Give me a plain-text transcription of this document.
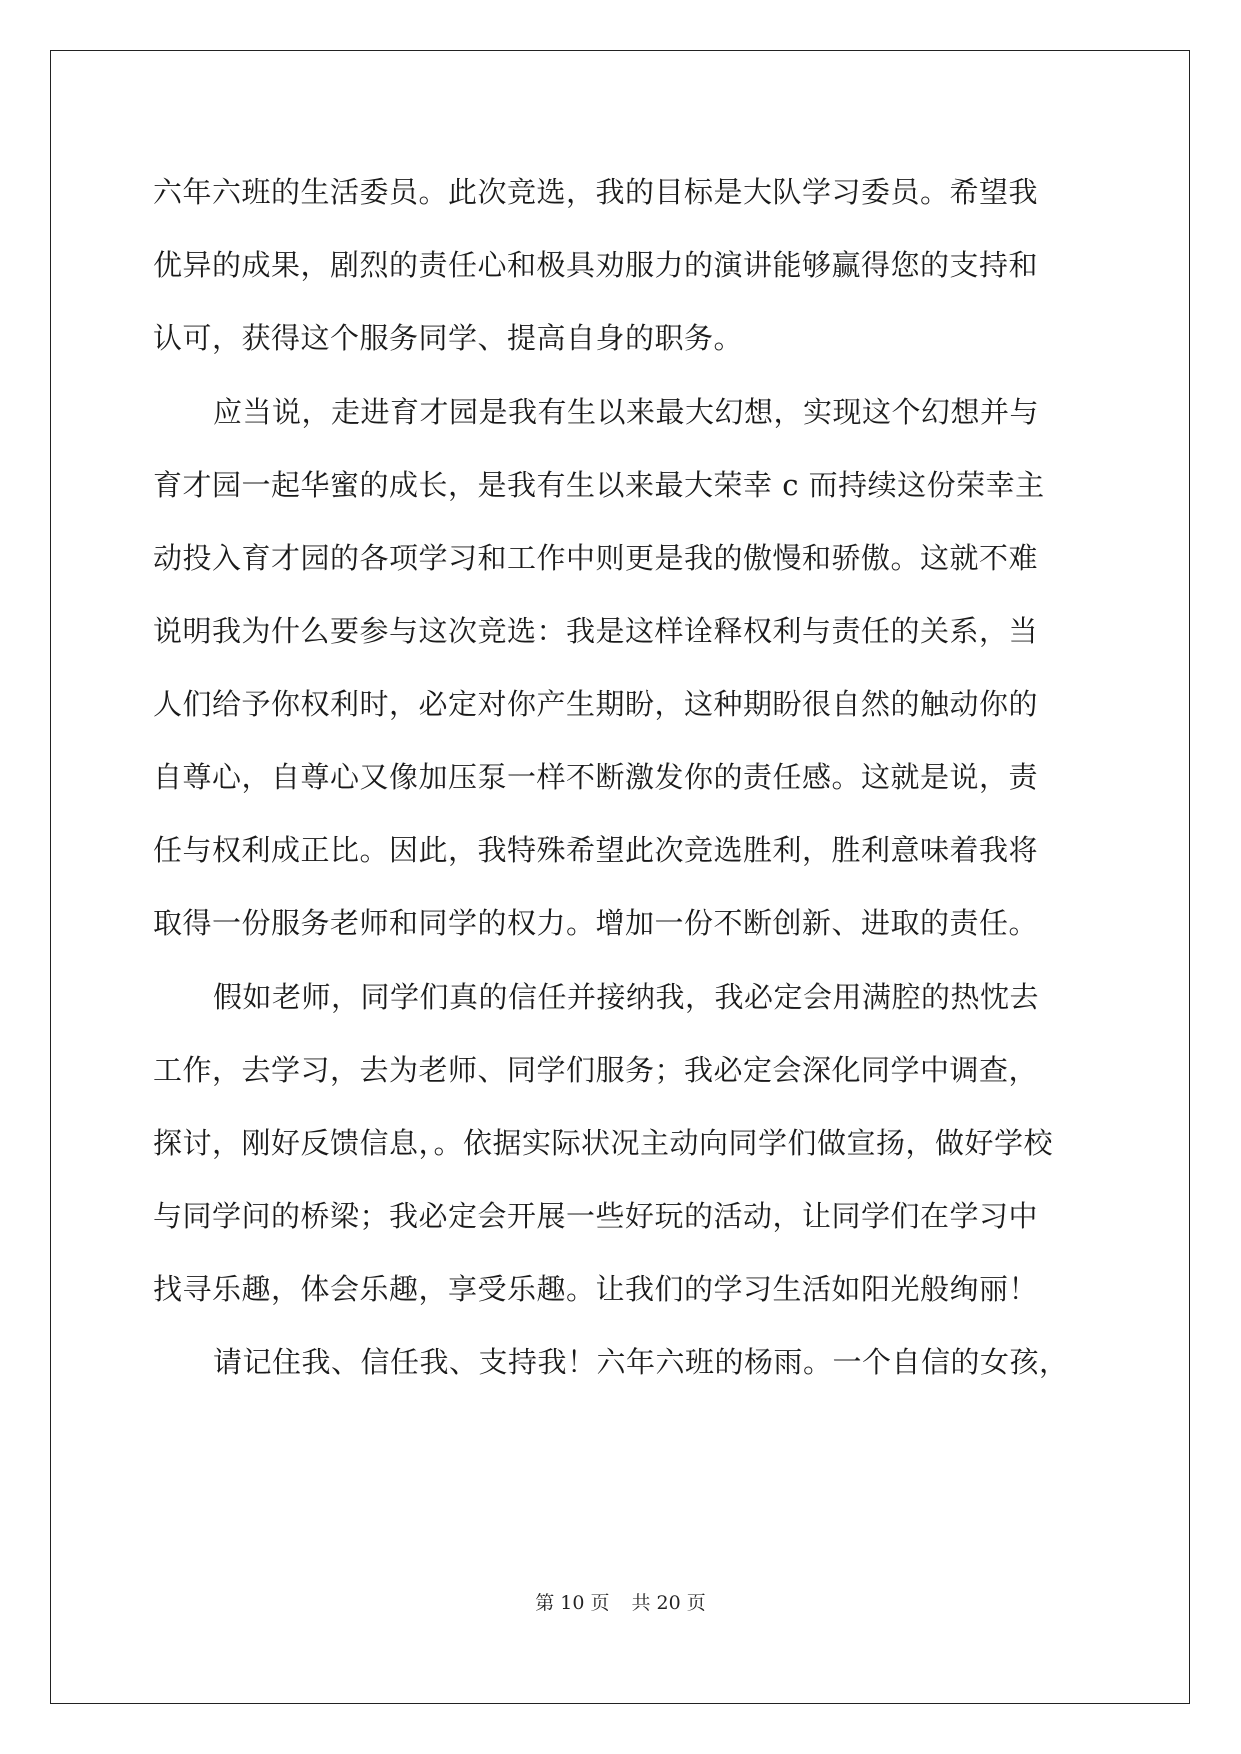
六年六班的生活委员。此次竞选，我的目标是大队学习委员。希望我
优异的成果，剧烈的责任心和极具劝服力的演讲能够赢得您的支持和
认可，获得这个服务同学、提高自身的职务。
应当说，走进育才园是我有生以来最大幻想，实现这个幻想并与
育才园一起华蜜的成长，是我有生以来最大荣幸 c 而持续这份荣幸主
动投入育才园的各项学习和工作中则更是我的傲慢和骄傲。这就不难
说明我为什么要参与这次竞选：我是这样诠释权利与责任的关系，当
人们给予你权利时，必定对你产生期盼，这种期盼很自然的触动你的
自尊心，自尊心又像加压泵一样不断激发你的责任感。这就是说，责
任与权利成正比。因此，我特殊希望此次竞选胜利，胜利意味着我将
取得一份服务老师和同学的权力。增加一份不断创新、进取的责任。
假如老师，同学们真的信任并接纳我，我必定会用满腔的热忱去
工作，去学习，去为老师、同学们服务；我必定会深化同学中调查，
探讨，刚好反馈信息，。依据实际状况主动向同学们做宣扬，做好学校
与同学问的桥梁；我必定会开展一些好玩的活动，让同学们在学习中
找寻乐趣，体会乐趣，享受乐趣。让我们的学习生活如阳光般绚丽！
请记住我、信任我、支持我！六年六班的杨雨。一个自信的女孩，
第 10 页 共 20 页
